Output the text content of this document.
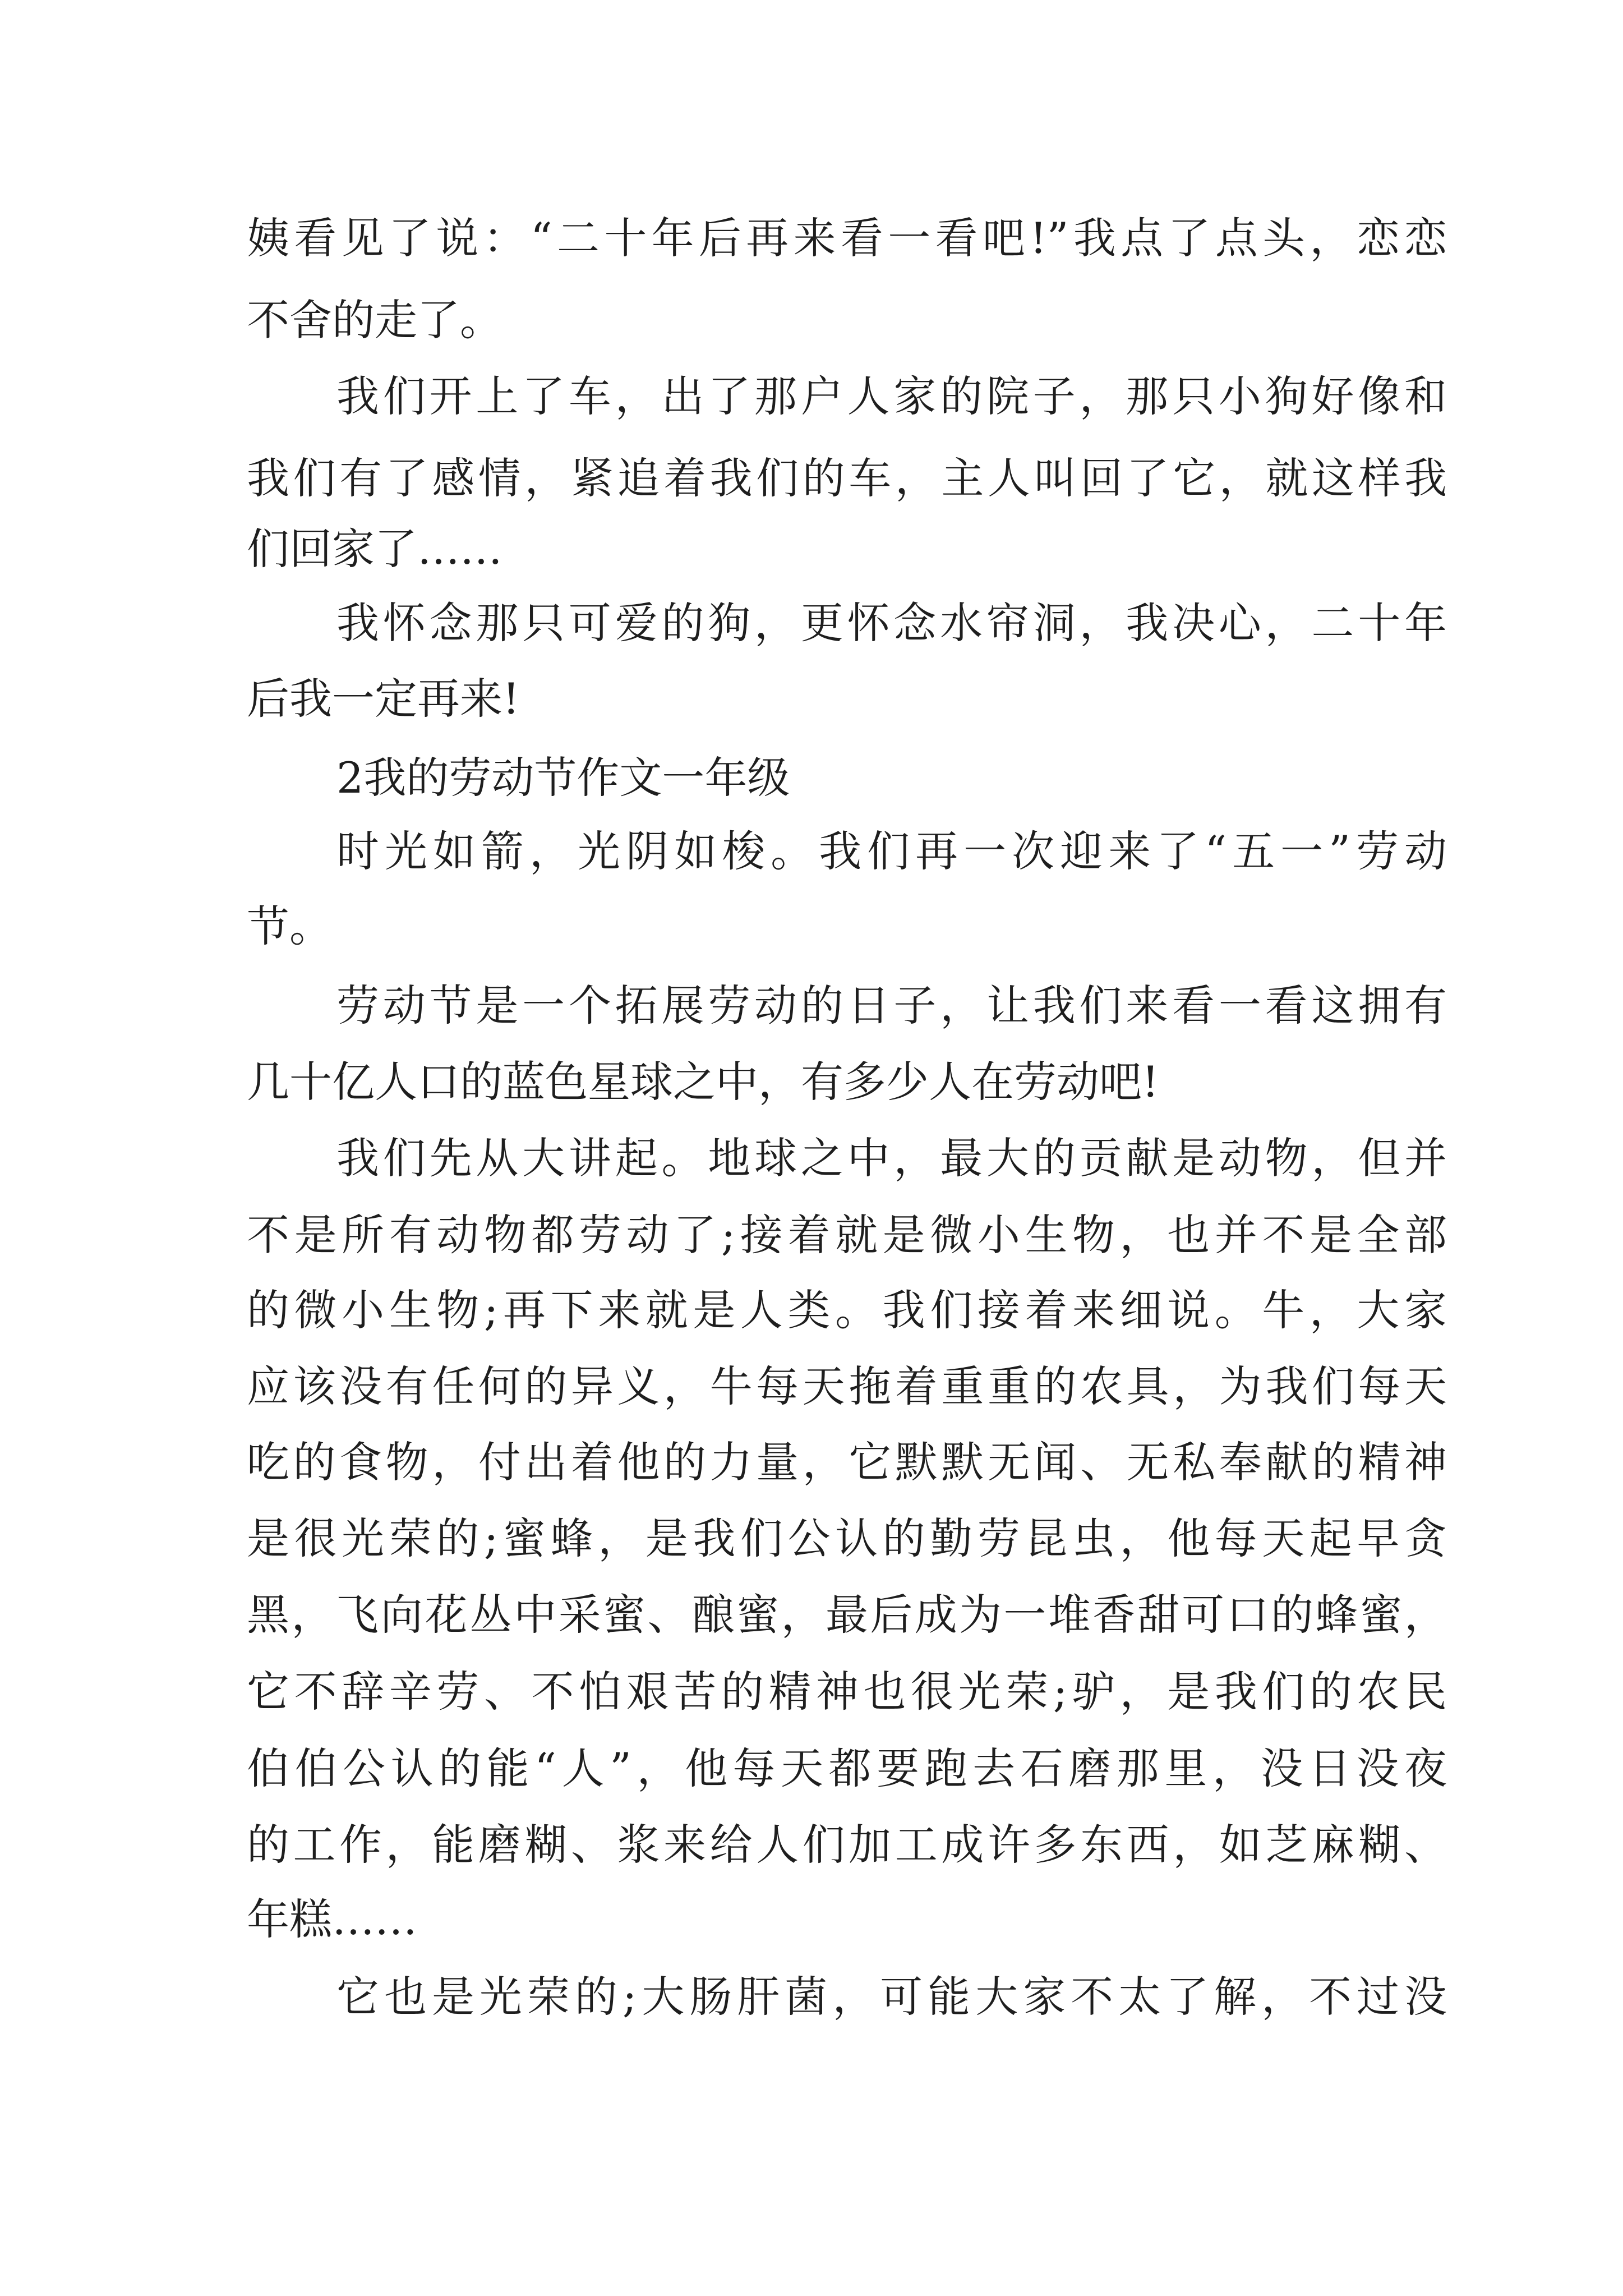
姨看见了说：“二十年后再来看一看吧!”我点了点头，恋恋
不舍的走了。
我们开上了车，出了那户人家的院子，那只小狗好像和
我们有了感情，紧追着我们的车，主人叫回了它，就这样我
们回家了……
我怀念那只可爱的狗，更怀念水帘洞，我决心，二十年
后我一定再来!
2我的劳动节作文一年级
时光如箭，光阴如梭。我们再一次迎来了“五一”劳动
节。
劳动节是一个拓展劳动的日子，让我们来看一看这拥有
几十亿人口的蓝色星球之中，有多少人在劳动吧!
我们先从大讲起。地球之中，最大的贡献是动物，但并
不是所有动物都劳动了;接着就是微小生物，也并不是全部
的微小生物;再下来就是人类。我们接着来细说。牛，大家
应该没有任何的异义，牛每天拖着重重的农具，为我们每天
吃的食物，付出着他的力量，它默默无闻、无私奉献的精神
是很光荣的;蜜蜂，是我们公认的勤劳昆虫，他每天起早贪
黑，飞向花丛中采蜜、酿蜜，最后成为一堆香甜可口的蜂蜜，
它不辞辛劳、不怕艰苦的精神也很光荣;驴，是我们的农民
伯伯公认的能“人”，他每天都要跑去石磨那里，没日没夜
的工作，能磨糊、浆来给人们加工成许多东西，如芝麻糊、
年糕……
它也是光荣的;大肠肝菌，可能大家不太了解，不过没
